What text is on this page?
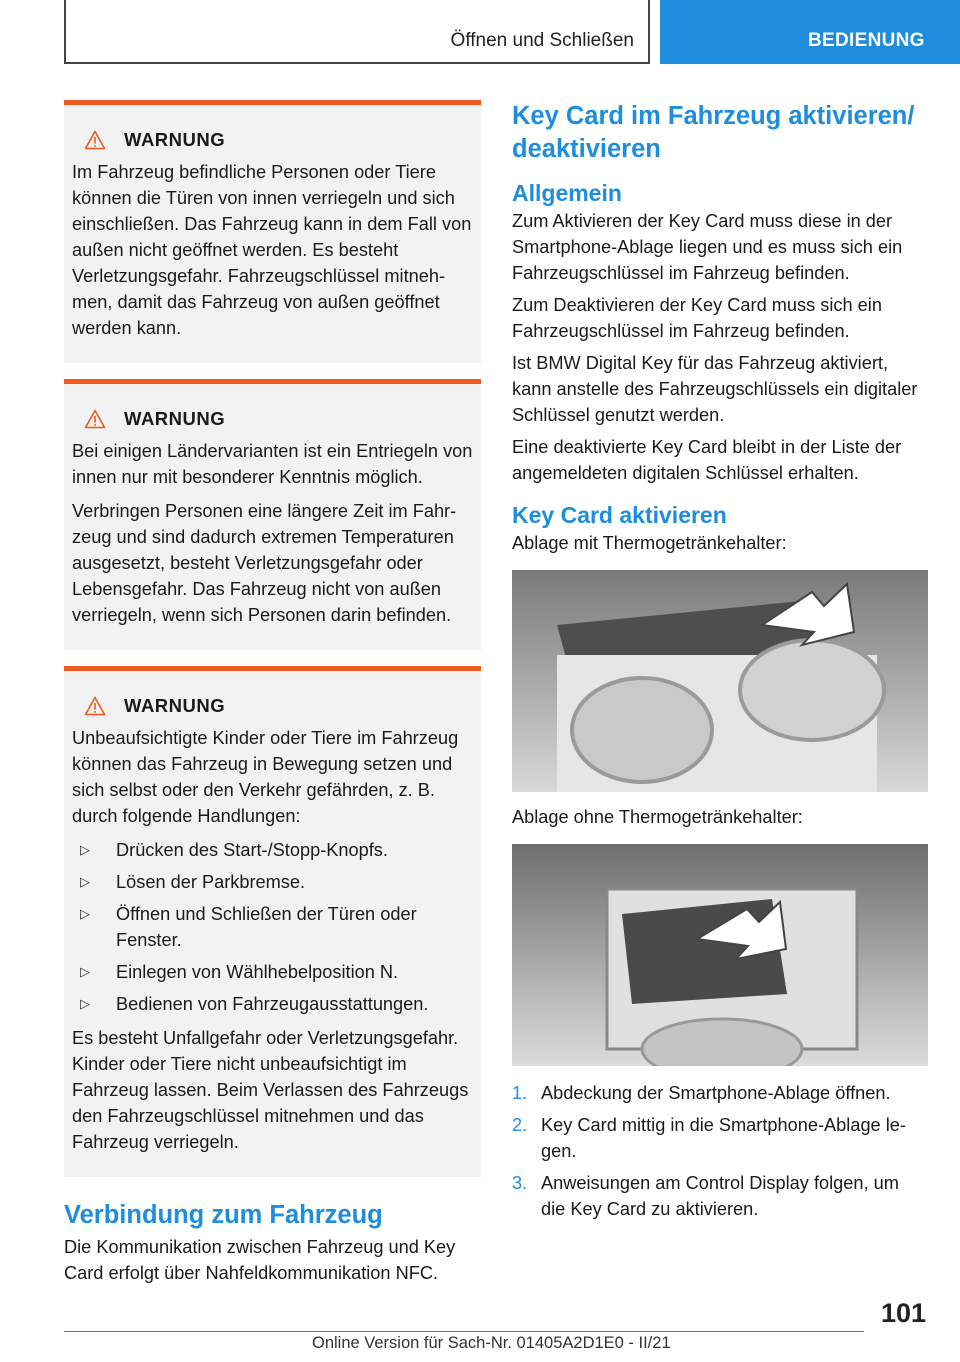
Öffnen und Schließen	BEDIENUNG
WARNUNG

Im Fahrzeug befindliche Personen oder Tiere können die Türen von innen verriegeln und sich einschließen. Das Fahrzeug kann in dem Fall von außen nicht geöffnet werden. Es besteht Verletzungsgefahr. Fahrzeugschlüssel mitnehmen, damit das Fahrzeug von außen geöffnet werden kann.

WARNUNG

Bei einigen Ländervarianten ist ein Entriegeln von innen nur mit besonderer Kenntnis möglich.

Verbringen Personen eine längere Zeit im Fahrzeug und sind dadurch extremen Temperaturen ausgesetzt, besteht Verletzungsgefahr oder Lebensgefahr. Das Fahrzeug nicht von außen verriegeln, wenn sich Personen darin befinden.

WARNUNG

Unbeaufsichtigte Kinder oder Tiere im Fahrzeug können das Fahrzeug in Bewegung setzen und sich selbst oder den Verkehr gefährden, z. B. durch folgende Handlungen:

▷	Drücken des Start-/Stopp-Knopfs.
▷	Lösen der Parkbremse.
▷	Öffnen und Schließen der Türen oder Fenster.
▷	Einlegen von Wählhebelposition N.
▷	Bedienen von Fahrzeugausstattungen.

Es besteht Unfallgefahr oder Verletzungsgefahr. Kinder oder Tiere nicht unbeaufsichtigt im Fahrzeug lassen. Beim Verlassen des Fahrzeugs den Fahrzeugschlüssel mitnehmen und das Fahrzeug verriegeln.

Verbindung zum Fahrzeug

Die Kommunikation zwischen Fahrzeug und Key Card erfolgt über Nahfeldkommunikation NFC.

Key Card im Fahrzeug aktivieren/ deaktivieren
Allgemein

Zum Aktivieren der Key Card muss diese in der Smartphone-Ablage liegen und es muss sich ein Fahrzeugschlüssel im Fahrzeug befinden.

Zum Deaktivieren der Key Card muss sich ein Fahrzeugschlüssel im Fahrzeug befinden.

Ist BMW Digital Key für das Fahrzeug aktiviert, kann anstelle des Fahrzeugschlüssels ein digitaler Schlüssel genutzt werden.

Eine deaktivierte Key Card bleibt in der Liste der angemeldeten digitalen Schlüssel erhalten.

Key Card aktivieren

Ablage mit Thermogetränkehalter:

Ablage ohne Thermogetränkehalter:

1. Abdeckung der Smartphone-Ablage öffnen.
2. Key Card mittig in die Smartphone-Ablage legen.
3. Anweisungen am Control Display folgen, um die Key Card zu aktivieren.
101
Online Version für Sach-Nr. 01405A2D1E0 - II/21
